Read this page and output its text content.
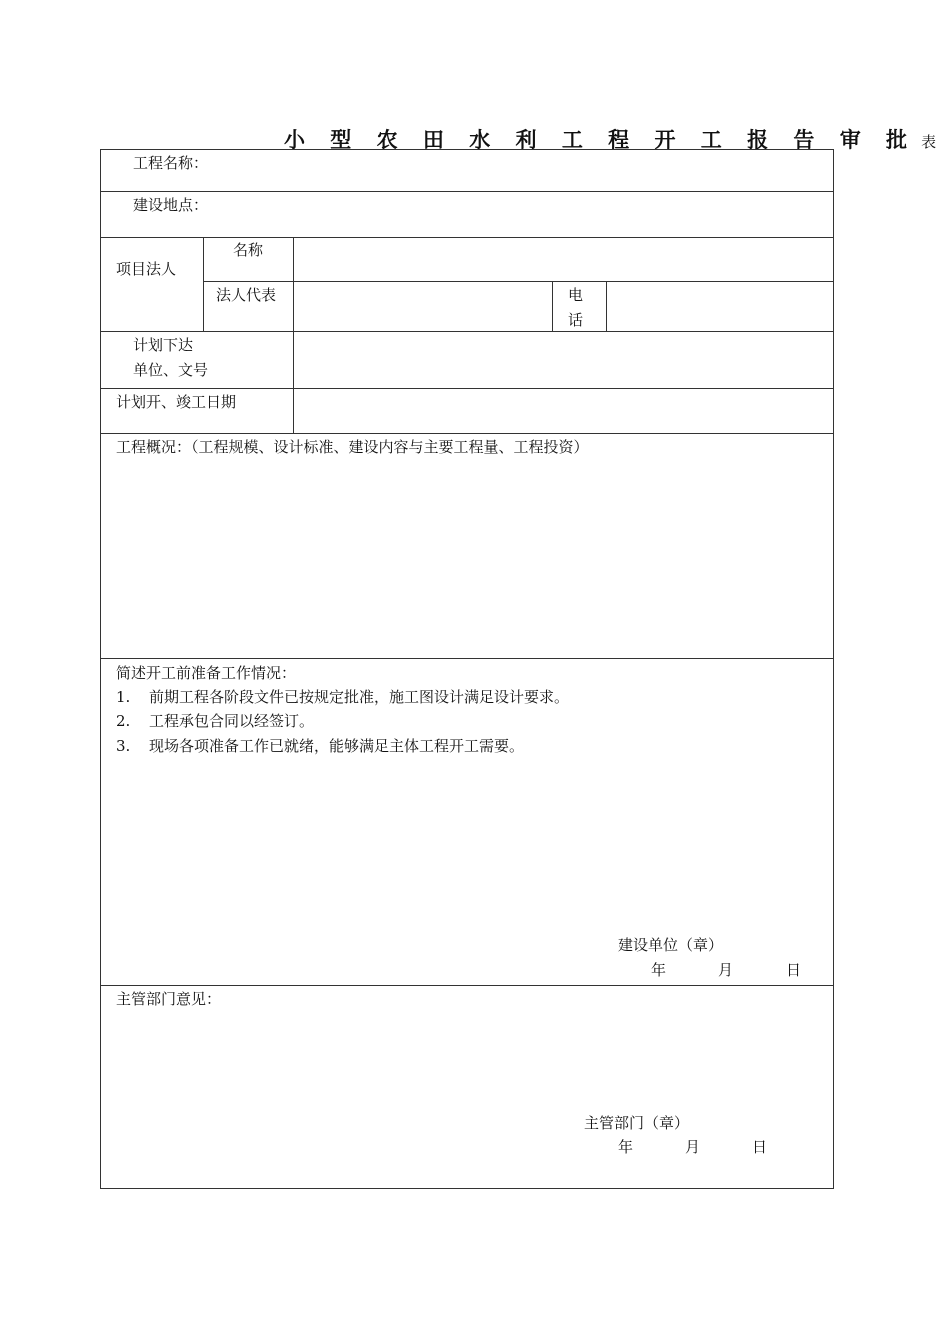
小 型 农 田 水 利 工 程 开 工 报 告 审 批 表
工程名称：
建设地点：
项目法人
名称
法人代表	电
话
计划下达
单位、文号
计划开、竣工日期
工程概况：（工程规模、设计标准、建设内容与主要工程量、工程投资）
简述开工前准备工作情况：
1. 前期工程各阶段文件已按规定批准，施工图设计满足设计要求。
2. 工程承包合同以经签订。
3. 现场各项准备工作已就绪，能够满足主体工程开工需要。
建设单位（章）
年	月	日
主管部门意见：
主管部门（章）
年	月	日
